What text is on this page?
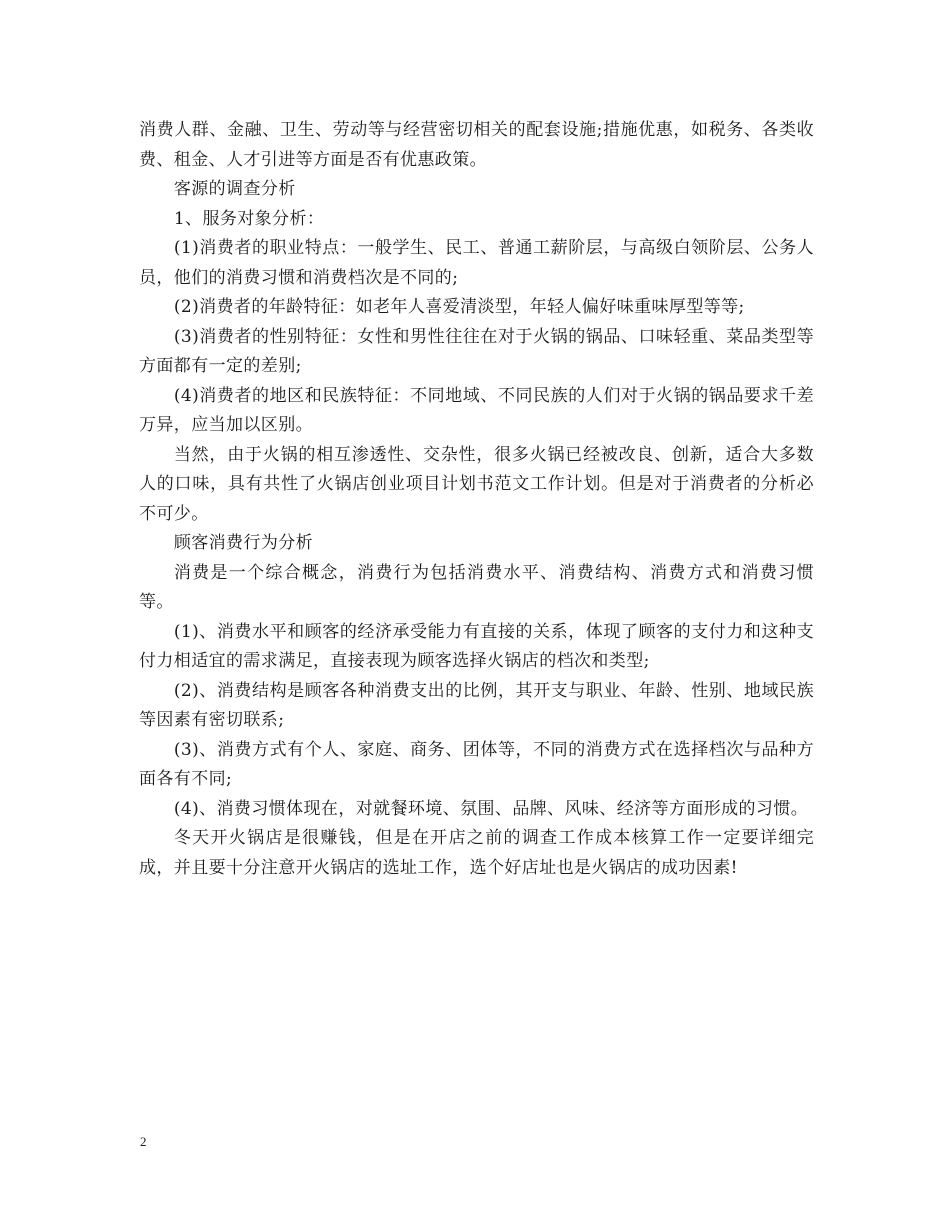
消费人群、金融、卫生、劳动等与经营密切相关的配套设施;措施优惠，如税务、各类收费、租金、人才引进等方面是否有优惠政策。

客源的调查分析

1、服务对象分析：

(1)消费者的职业特点：一般学生、民工、普通工薪阶层，与高级白领阶层、公务人员，他们的消费习惯和消费档次是不同的;

(2)消费者的年龄特征：如老年人喜爱清淡型，年轻人偏好味重味厚型等等;

(3)消费者的性别特征：女性和男性往往在对于火锅的锅品、口味轻重、菜品类型等方面都有一定的差别;

(4)消费者的地区和民族特征：不同地域、不同民族的人们对于火锅的锅品要求千差万异，应当加以区别。

当然，由于火锅的相互渗透性、交杂性，很多火锅已经被改良、创新，适合大多数人的口味，具有共性了火锅店创业项目计划书范文工作计划。但是对于消费者的分析必不可少。

顾客消费行为分析

消费是一个综合概念，消费行为包括消费水平、消费结构、消费方式和消费习惯等。

(1)、消费水平和顾客的经济承受能力有直接的关系，体现了顾客的支付力和这种支付力相适宜的需求满足，直接表现为顾客选择火锅店的档次和类型;

(2)、消费结构是顾客各种消费支出的比例，其开支与职业、年龄、性别、地域民族等因素有密切联系;

(3)、消费方式有个人、家庭、商务、团体等，不同的消费方式在选择档次与品种方面各有不同;

(4)、消费习惯体现在，对就餐环境、氛围、品牌、风味、经济等方面形成的习惯。

冬天开火锅店是很赚钱，但是在开店之前的调查工作成本核算工作一定要详细完成，并且要十分注意开火锅店的选址工作，选个好店址也是火锅店的成功因素!

2
